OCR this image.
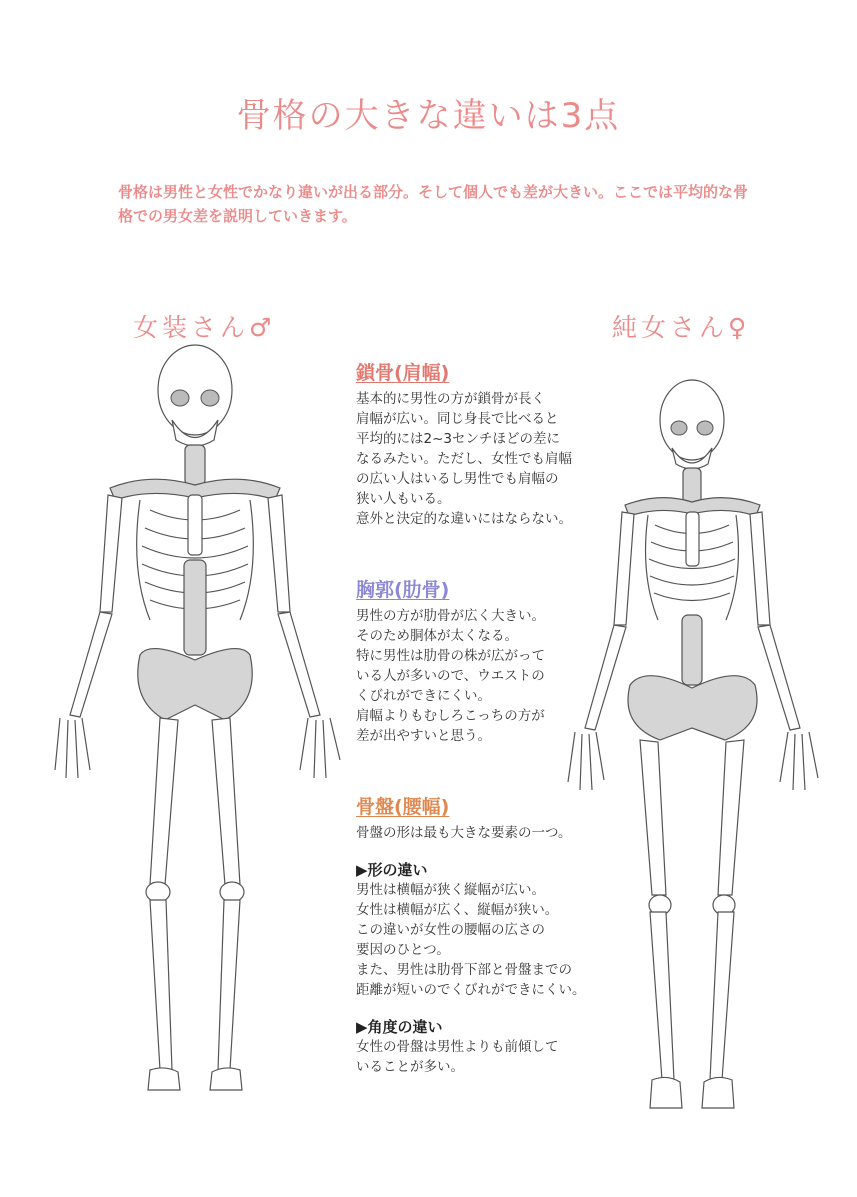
骨格の大きな違いは3点
骨格は男性と女性でかなり違いが出る部分。そして個人でも差が大きい。ここでは平均的な骨格での男女差を説明していきます。
女装さん♂	純女さん♀
鎖骨(肩幅)
基本的に男性の方が鎖骨が長く
肩幅が広い。同じ身長で比べると
平均的には2~3センチほどの差に
なるみたい。ただし、女性でも肩幅
の広い人はいるし男性でも肩幅の
狭い人もいる。
意外と決定的な違いにはならない。
胸郭(肋骨)
男性の方が肋骨が広く大きい。
そのため胴体が太くなる。
特に男性は肋骨の株が広がって
いる人が多いので、ウエストの
くびれができにくい。
肩幅よりもむしろこっちの方が
差が出やすいと思う。
骨盤(腰幅)
骨盤の形は最も大きな要素の一つ。
▶形の違い
男性は横幅が狭く縦幅が広い。
女性は横幅が広く、縦幅が狭い。
この違いが女性の腰幅の広さの
要因のひとつ。
また、男性は肋骨下部と骨盤までの
距離が短いのでくびれができにくい。
▶角度の違い
女性の骨盤は男性よりも前傾して
いることが多い。
